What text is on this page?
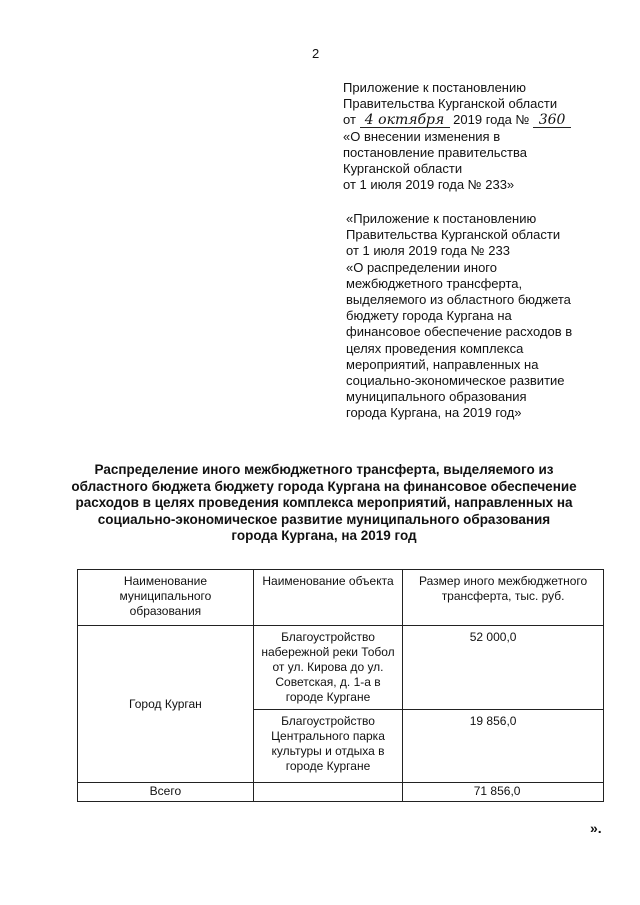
2
Приложение к постановлению
Правительства Курганской области
от 4 октября 2019 года № 360
«О внесении изменения в
постановление правительства
Курганской области
от 1 июля 2019 года № 233»
«Приложение к постановлению
Правительства Курганской области
от 1 июля 2019 года № 233
«О распределении иного
межбюджетного трансферта,
выделяемого из областного бюджета
бюджету города Кургана на
финансовое обеспечение расходов в
целях проведения комплекса
мероприятий, направленных на
социально-экономическое развитие
муниципального образования
города Кургана, на 2019 год»
Распределение иного межбюджетного трансферта, выделяемого из
областного бюджета бюджету города Кургана на финансовое обеспечение
расходов в целях проведения комплекса мероприятий, направленных на
социально-экономическое развитие муниципального образования
города Кургана, на 2019 год
Наименование муниципального образования	Наименование объекта	Размер иного межбюджетного трансферта, тыс. руб.
Город Курган	Благоустройство набережной реки Тобол от ул. Кирова до ул. Советская, д. 1-а в городе Кургане	52 000,0
	Благоустройство Центрального парка культуры и отдыха в городе Кургане	19 856,0
Всего		71 856,0
».
